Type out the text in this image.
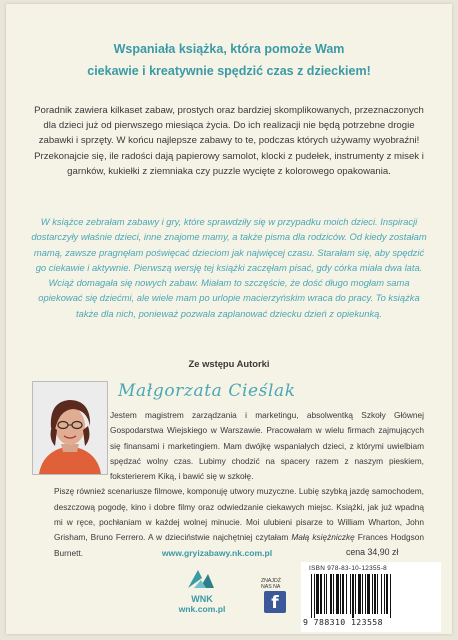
Wspaniała książka, która pomoże Wam
ciekawie i kreatywnie spędzić czas z dzieckiem!
Poradnik zawiera kilkaset zabaw, prostych oraz bardziej skomplikowanych, przeznaczonych dla dzieci już od pierwszego miesiąca życia. Do ich realizacji nie będą potrzebne drogie zabawki i sprzęty. W końcu najlepsze zabawy to te, podczas których używamy wyobraźni! Przekonajcie się, ile radości dają papierowy samolot, klocki z pudełek, instrumenty z misek i garnków, kukiełki z ziemniaka czy puzzle wycięte z kolorowego opakowania.
W książce zebrałam zabawy i gry, które sprawdziły się w przypadku moich dzieci. Inspiracji dostarczyły właśnie dzieci, inne znajome mamy, a także pisma dla rodziców. Od kiedy zostałam mamą, zawsze pragnęłam poświęcać dzieciom jak najwięcej czasu. Starałam się, aby spędzić go ciekawie i aktywnie. Pierwszą wersję tej książki zaczęłam pisać, gdy córka miała dwa lata. Wciąż domagała się nowych zabaw. Miałam to szczęście, że dość długo mogłam sama opiekować się dziećmi, ale wiele mam po urlopie macierzyńskim wraca do pracy. To książka także dla nich, ponieważ pozwala zaplanować dziecku dzień z opiekunką.
Ze wstępu Autorki
Małgorzata Cieślak

Jestem magistrem zarządzania i marketingu, absolwentką Szkoły Głównej Gospodarstwa Wiejskiego w Warszawie. Pracowałam w wielu firmach zajmujących się finansami i marketingiem. Mam dwójkę wspaniałych dzieci, z którymi uwielbiam spędzać wolny czas. Lubimy chodzić na spacery razem z naszym pieskiem, foksterierem Kiką, i bawić się w szkołę.

Piszę również scenariusze filmowe, komponuję utwory muzyczne. Lubię szybką jazdę samochodem, deszczową pogodę, kino i dobre filmy oraz odwiedzanie ciekawych miejsc. Książki, jak już wpadną mi w ręce, pochłaniam w każdej wolnej minucie. Moi ulubieni pisarze to William Wharton, John Grisham, Bruno Ferrero. A w dzieciństwie najchętniej czytałam Małą księżniczkę Frances Hodgson Burnett.	www.gryizabawy.nk.com.pl
WNK
wnk.com.pl
ZNAJDŹ
NAS NA
f
cena 34,90 zł
ISBN 978-83-10-12355-8
9 788310 123558
